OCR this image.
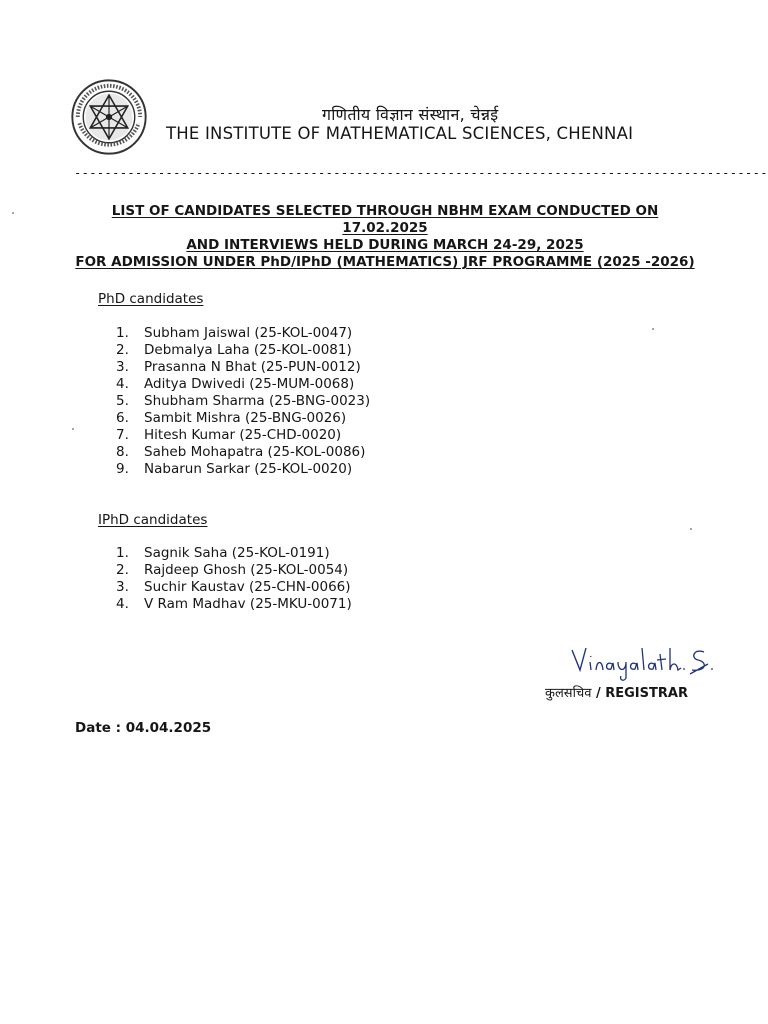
गणितीय विज्ञान संस्थान, चेन्नई
THE INSTITUTE OF MATHEMATICAL SCIENCES, CHENNAI
-------------------------------------------------------------------------------------------
LIST OF CANDIDATES SELECTED THROUGH NBHM EXAM CONDUCTED ON 17.02.2025
AND INTERVIEWS HELD DURING MARCH 24-29, 2025
FOR ADMISSION UNDER PhD/IPhD (MATHEMATICS) JRF PROGRAMME (2025 -2026)
PhD candidates
1.	Subham Jaiswal (25-KOL-0047)
2.	Debmalya Laha (25-KOL-0081)
3.	Prasanna N Bhat (25-PUN-0012)
4.	Aditya Dwivedi (25-MUM-0068)
5.	Shubham Sharma (25-BNG-0023)
6.	Sambit Mishra (25-BNG-0026)
7.	Hitesh Kumar (25-CHD-0020)
8.	Saheb Mohapatra (25-KOL-0086)
9.	Nabarun Sarkar (25-KOL-0020)
IPhD candidates
1.	Sagnik Saha (25-KOL-0191)
2.	Rajdeep Ghosh (25-KOL-0054)
3.	Suchir Kaustav (25-CHN-0066)
4.	V Ram Madhav (25-MKU-0071)
कुलसचिव / REGISTRAR
Date : 04.04.2025
